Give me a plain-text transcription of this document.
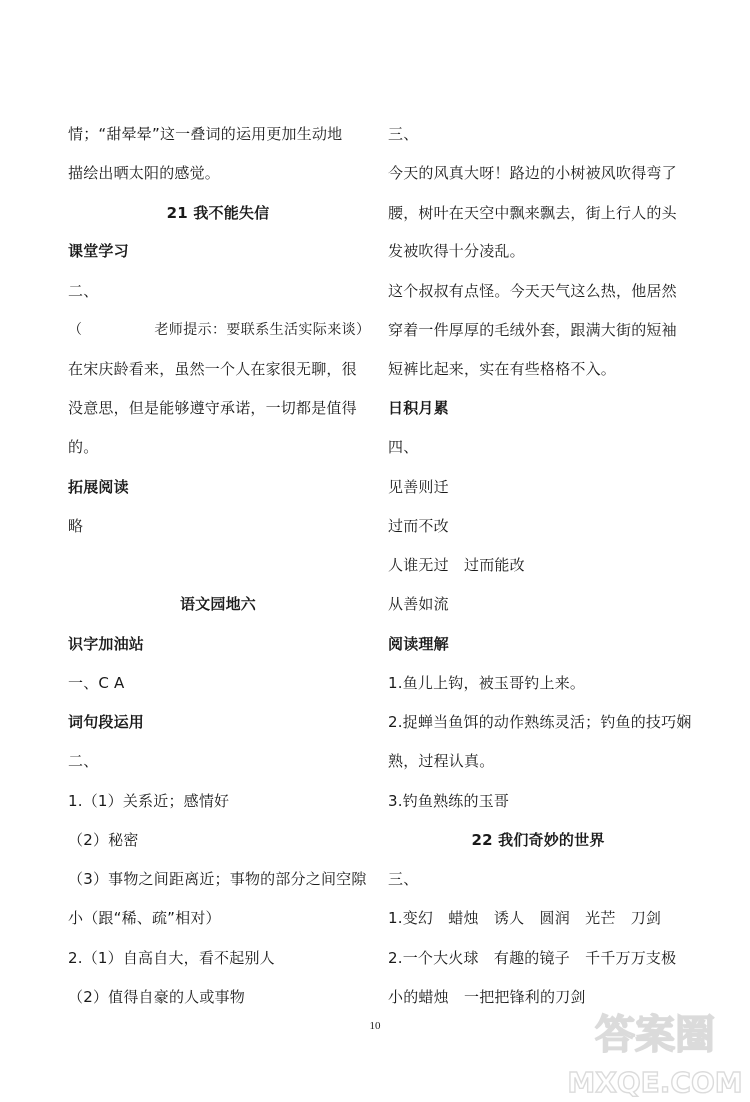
情；“甜晕晕”这一叠词的运用更加生动地
描绘出晒太阳的感觉。
21 我不能失信
课堂学习
二、
（　　　　　老师提示：要联系生活实际来谈）
在宋庆龄看来，虽然一个人在家很无聊，很
没意思，但是能够遵守承诺，一切都是值得
的。
拓展阅读
略
语文园地六
识字加油站
一、C A
词句段运用
二、
1.（1）关系近；感情好
（2）秘密
（3）事物之间距离近；事物的部分之间空隙
小（跟“稀、疏”相对）
2.（1）自高自大，看不起别人
（2）值得自豪的人或事物
三、
今天的风真大呀！路边的小树被风吹得弯了
腰，树叶在天空中飘来飘去，街上行人的头
发被吹得十分凌乱。
这个叔叔有点怪。今天天气这么热，他居然
穿着一件厚厚的毛绒外套，跟满大街的短袖
短裤比起来，实在有些格格不入。
日积月累
四、
见善则迁
过而不改
人谁无过　过而能改
从善如流
阅读理解
1.鱼儿上钩，被玉哥钓上来。
2.捉蝉当鱼饵的动作熟练灵活；钓鱼的技巧娴
熟，过程认真。
3.钓鱼熟练的玉哥
22 我们奇妙的世界
三、
1.变幻　蜡烛　诱人　圆润　光芒　刀剑
2.一个大火球　有趣的镜子　千千万万支极
小的蜡烛　一把把锋利的刀剑
10	答案圈
MXQE.COM
